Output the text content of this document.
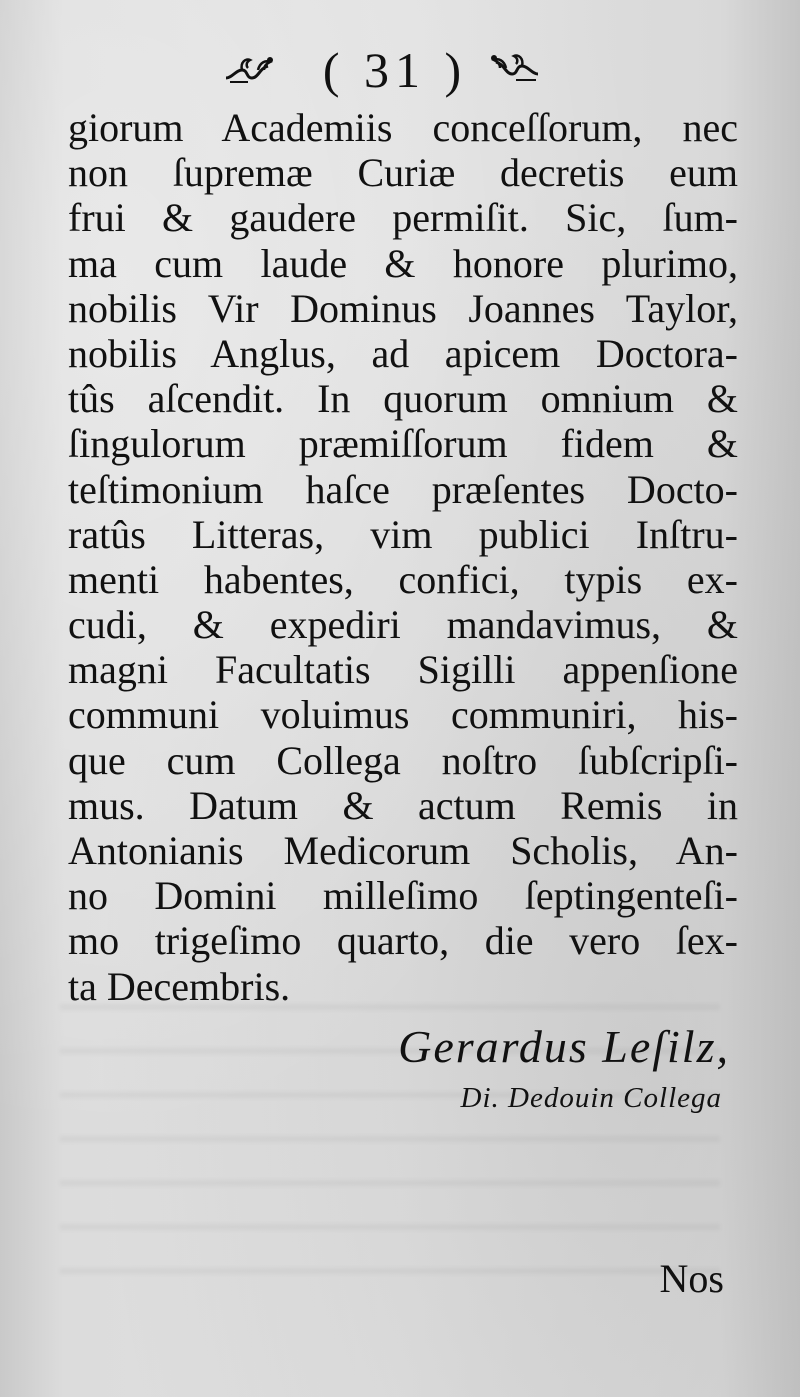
( 31 )
giorum Academiis conceſſorum, nec
non ſupremæ Curiæ decretis eum
frui & gaudere permiſit. Sic, ſum-
ma cum laude & honore plurimo,
nobilis Vir Dominus Joannes Taylor,
nobilis Anglus, ad apicem Doctora-
tûs aſcendit. In quorum omnium &
ſingulorum præmiſſorum fidem &
teſtimonium haſce præſentes Docto-
ratûs Litteras, vim publici Inſtru-
menti habentes, confici, typis ex-
cudi, & expediri mandavimus, &
magni Facultatis Sigilli appenſione
communi voluimus communiri, his-
que cum Collega noſtro ſubſcripſi-
mus. Datum & actum Remis in
Antonianis Medicorum Scholis, An-
no Domini milleſimo ſeptingenteſi-
mo trigeſimo quarto, die vero ſex-
ta Decembris.
Gerardus Leſilz,
Di. Dedouin Collega
Nos
